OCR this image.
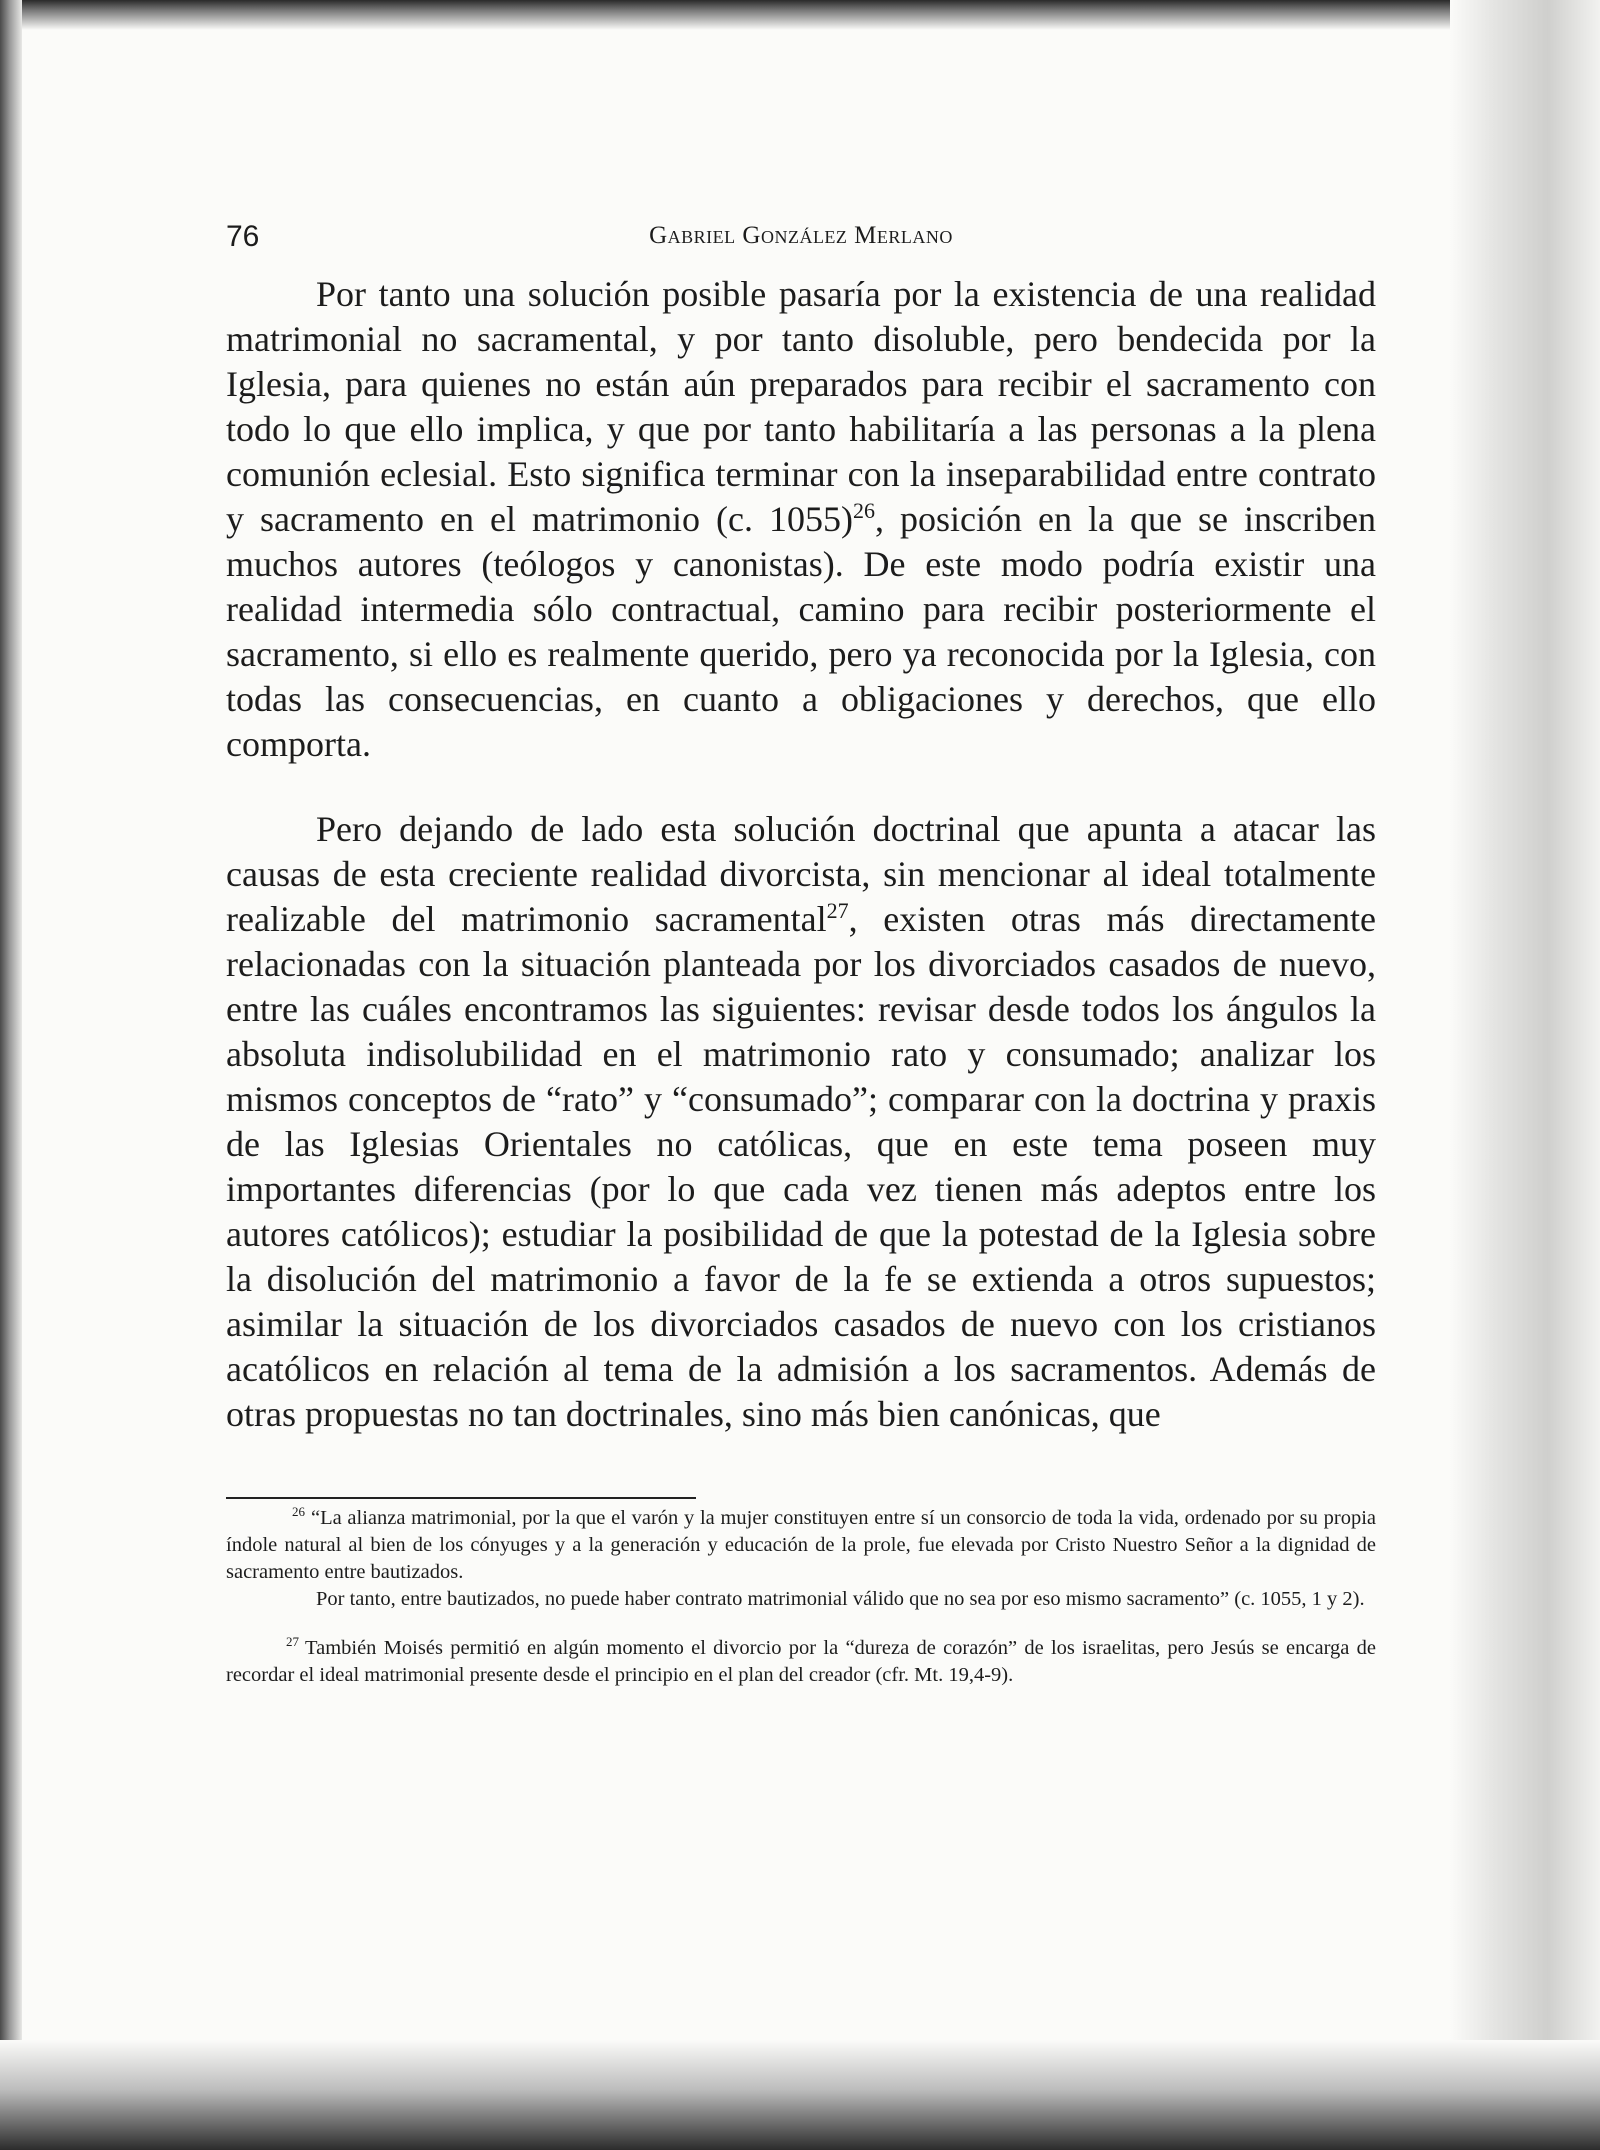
76	Gabriel González Merlano

Por tanto una solución posible pasaría por la existencia de una realidad matrimonial no sacramental, y por tanto disoluble, pero bendecida por la Iglesia, para quienes no están aún preparados para recibir el sacramento con todo lo que ello implica, y que por tanto habilitaría a las personas a la plena comunión eclesial. Esto significa terminar con la inseparabilidad entre contrato y sacramento en el matrimonio (c. 1055)$^{26}$, posición en la que se inscriben muchos autores (teólogos y canonistas). De este modo podría existir una realidad intermedia sólo contractual, camino para recibir posteriormente el sacramento, si ello es realmente querido, pero ya reconocida por la Iglesia, con todas las consecuencias, en cuanto a obligaciones y derechos, que ello comporta.

Pero dejando de lado esta solución doctrinal que apunta a atacar las causas de esta creciente realidad divorcista, sin mencionar al ideal totalmente realizable del matrimonio sacramental$^{27}$, existen otras más directamente relacionadas con la situación planteada por los divorciados casados de nuevo, entre las cuáles encontramos las siguientes: revisar desde todos los ángulos la absoluta indisolubilidad en el matrimonio rato y consumado; analizar los mismos conceptos de “rato” y “consumado”; comparar con la doctrina y praxis de las Iglesias Orientales no católicas, que en este tema poseen muy importantes diferencias (por lo que cada vez tienen más adeptos entre los autores católicos); estudiar la posibilidad de que la potestad de la Iglesia sobre la disolución del matrimonio a favor de la fe se extienda a otros supuestos; asimilar la situación de los divorciados casados de nuevo con los cristianos acatólicos en relación al tema de la admisión a los sacramentos. Además de otras propuestas no tan doctrinales, sino más bien canónicas, que

$^{26}$ “La alianza matrimonial, por la que el varón y la mujer constituyen entre sí un consorcio de toda la vida, ordenado por su propia índole natural al bien de los cónyuges y a la generación y educación de la prole, fue elevada por Cristo Nuestro Señor a la dignidad de sacramento entre bautizados.

Por tanto, entre bautizados, no puede haber contrato matrimonial válido que no sea por eso mismo sacramento” (c. 1055, 1 y 2).

$^{27}$ También Moisés permitió en algún momento el divorcio por la “dureza de corazón” de los israelitas, pero Jesús se encarga de recordar el ideal matrimonial presente desde el principio en el plan del creador (cfr. Mt. 19,4-9).
